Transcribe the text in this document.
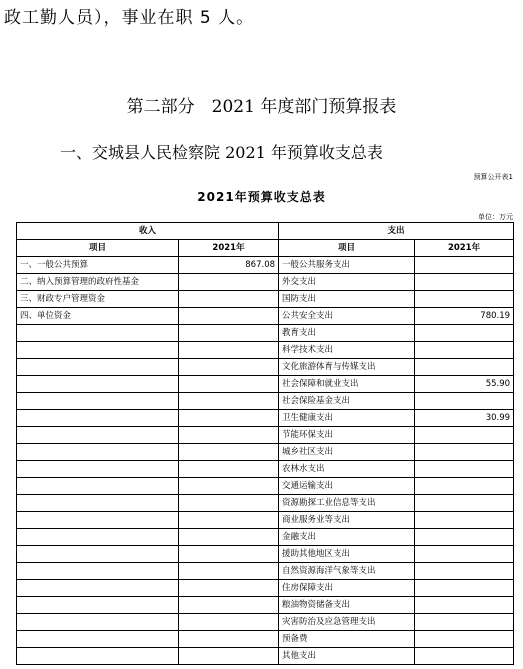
政工勤人员），事业在职 5 人。
第二部分　2021 年度部门预算报表
一、交城县人民检察院 2021 年预算收支总表
预算公开表1
2021年预算收支总表
单位：万元
收入		支出	
项目	2021年	项目	2021年
一、一般公共预算	867.08	一般公共服务支出	
二、纳入预算管理的政府性基金		外交支出	
三、财政专户管理资金		国防支出	
四、单位资金		公共安全支出	780.19
		教育支出	
		科学技术支出	
		文化旅游体育与传媒支出	
		社会保障和就业支出	55.90
		社会保险基金支出	
		卫生健康支出	30.99
		节能环保支出	
		城乡社区支出	
		农林水支出	
		交通运输支出	
		资源勘探工业信息等支出	
		商业服务业等支出	
		金融支出	
		援助其他地区支出	
		自然资源海洋气象等支出	
		住房保障支出	
		粮油物资储备支出	
		灾害防治及应急管理支出	
		预备费	
		其他支出	
